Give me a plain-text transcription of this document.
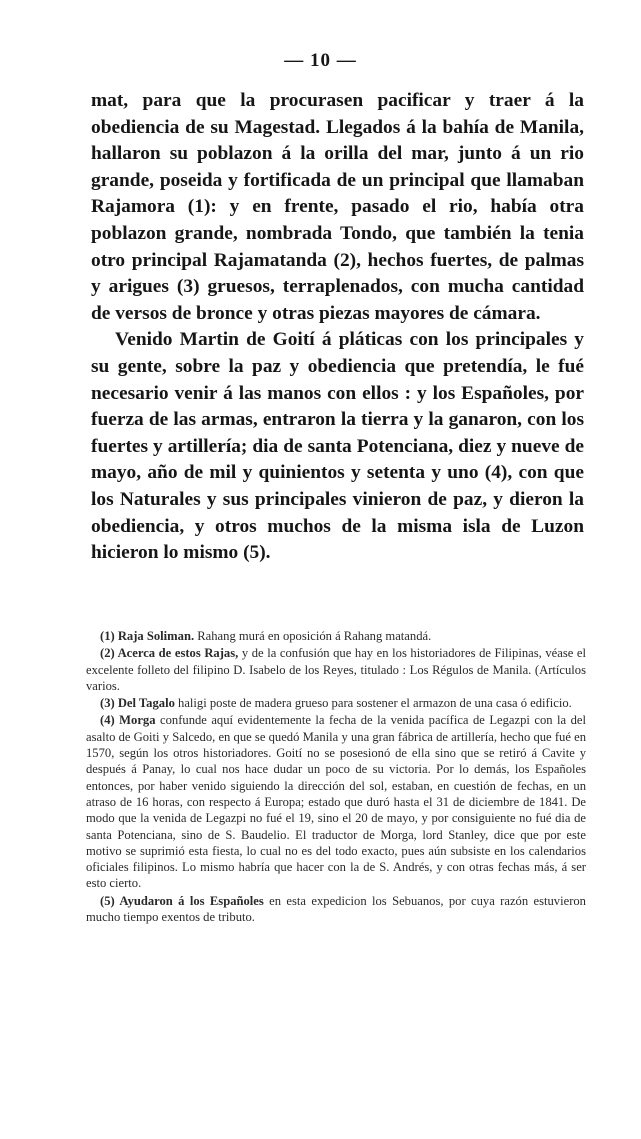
— 10 —

mat, para que la procurasen pacificar y traer á la obediencia de su Magestad. Llegados á la bahía de Manila, hallaron su poblazon á la orilla del mar, junto á un rio grande, poseida y fortificada de un principal que llamaban Rajamora (1): y en frente, pasado el rio, había otra poblazon grande, nombrada Tondo, que también la tenia otro principal Rajamatanda (2), hechos fuertes, de palmas y arigues (3) gruesos, terraplenados, con mucha cantidad de versos de bronce y otras piezas mayores de cámara.

Venido Martin de Goití á pláticas con los principales y su gente, sobre la paz y obediencia que pretendía, le fué necesario venir á las manos con ellos : y los Españoles, por fuerza de las armas, entraron la tierra y la ganaron, con los fuertes y artillería; dia de santa Potenciana, diez y nueve de mayo, año de mil y quinientos y setenta y uno (4), con que los Naturales y sus principales vinieron de paz, y dieron la obediencia, y otros muchos de la misma isla de Luzon hicieron lo mismo (5).

(1) Raja Soliman. Rahang murá en oposición á Rahang matandá.

(2) Acerca de estos Rajas, y de la confusión que hay en los historiadores de Filipinas, véase el excelente folleto del filipino D. Isabelo de los Reyes, titulado : Los Régulos de Manila. (Artículos varios.

(3) Del Tagalo haligi poste de madera grueso para sostener el armazon de una casa ó edificio.

(4) Morga confunde aquí evidentemente la fecha de la venida pacífica de Legazpi con la del asalto de Goiti y Salcedo, en que se quedó Manila y una gran fábrica de artillería, hecho que fué en 1570, según los otros historiadores. Goití no se posesionó de ella sino que se retiró á Cavite y después á Panay, lo cual nos hace dudar un poco de su victoria. Por lo demás, los Españoles entonces, por haber venido siguiendo la dirección del sol, estaban, en cuestión de fechas, en un atraso de 16 horas, con respecto á Europa; estado que duró hasta el 31 de diciembre de 1841. De modo que la venida de Legazpi no fué el 19, sino el 20 de mayo, y por consiguiente no fué dia de santa Potenciana, sino de S. Baudelio. El traductor de Morga, lord Stanley, dice que por este motivo se suprimió esta fiesta, lo cual no es del todo exacto, pues aún subsiste en los calendarios oficiales filipinos. Lo mismo habría que hacer con la de S. Andrés, y con otras fechas más, á ser esto cierto.

(5) Ayudaron á los Españoles en esta expedicion los Sebuanos, por cuya razón estuvieron mucho tiempo exentos de tributo.
